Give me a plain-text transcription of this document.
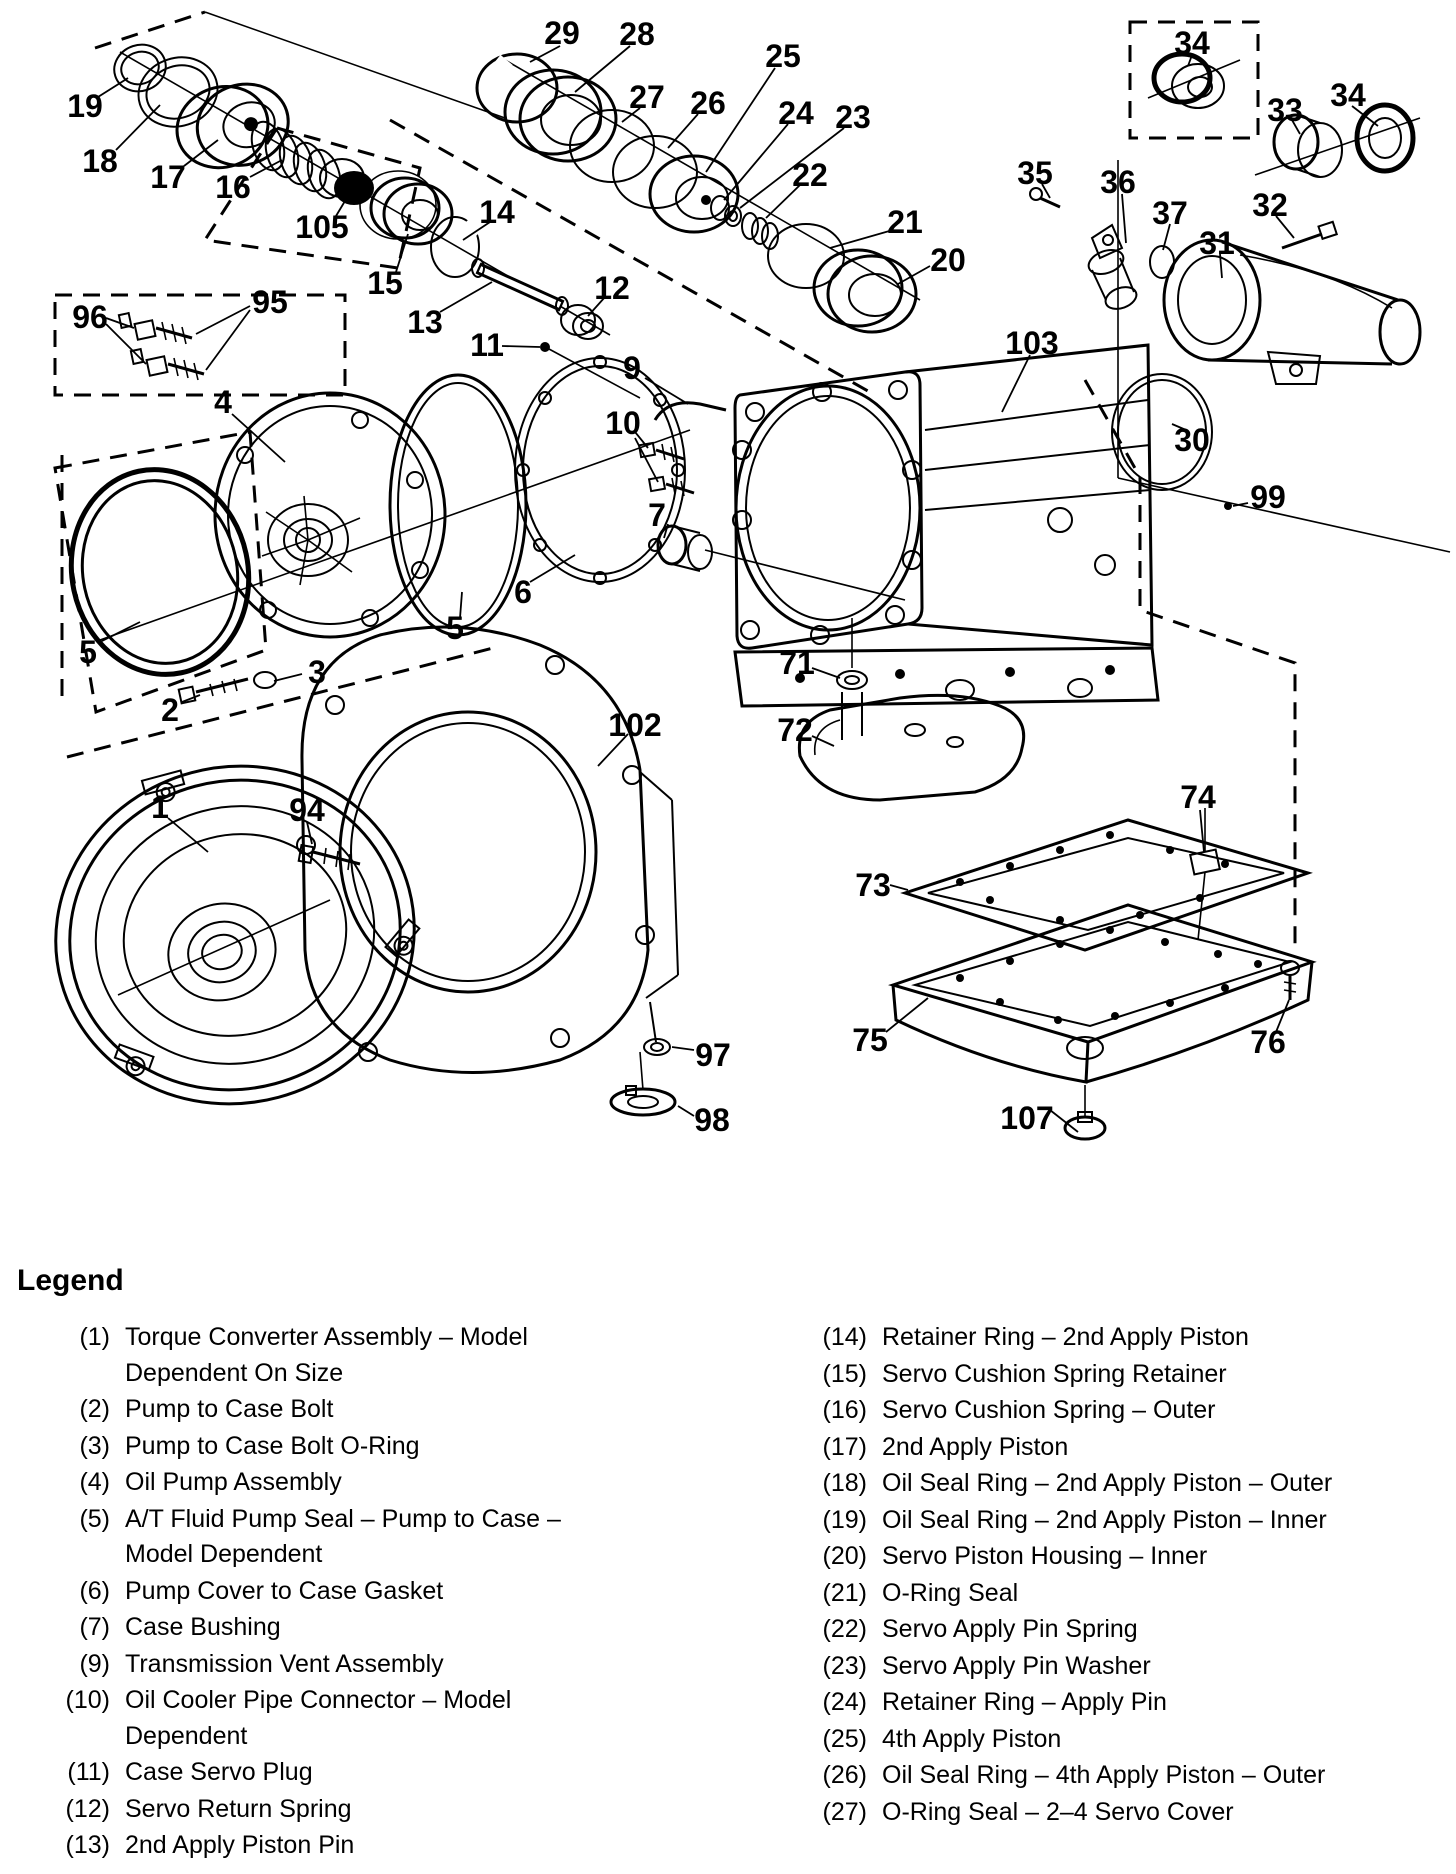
19
18 17 16
105
15
14
13
12
29 28
27 26
25
24 23
22
21
20
96	95
4
11
9
10
7
6
5
5
2
3
1	94
102
97
98
71
72
103
30
99
31
32
37
36
35
34
33 34
73
74
75	76
107
Legend
(1) Torque Converter Assembly – Model Dependent On Size
(2) Pump to Case Bolt
(3) Pump to Case Bolt O-Ring
(4) Oil Pump Assembly
(5) A/T Fluid Pump Seal – Pump to Case – Model Dependent
(6) Pump Cover to Case Gasket
(7) Case Bushing
(9) Transmission Vent Assembly
(10) Oil Cooler Pipe Connector – Model Dependent
(11) Case Servo Plug
(12) Servo Return Spring
(13) 2nd Apply Piston Pin
(14) Retainer Ring – 2nd Apply Piston
(15) Servo Cushion Spring Retainer
(16) Servo Cushion Spring – Outer
(17) 2nd Apply Piston
(18) Oil Seal Ring – 2nd Apply Piston – Outer
(19) Oil Seal Ring – 2nd Apply Piston – Inner
(20) Servo Piston Housing – Inner
(21) O-Ring Seal
(22) Servo Apply Pin Spring
(23) Servo Apply Pin Washer
(24) Retainer Ring – Apply Pin
(25) 4th Apply Piston
(26) Oil Seal Ring – 4th Apply Piston – Outer
(27) O-Ring Seal – 2–4 Servo Cover
